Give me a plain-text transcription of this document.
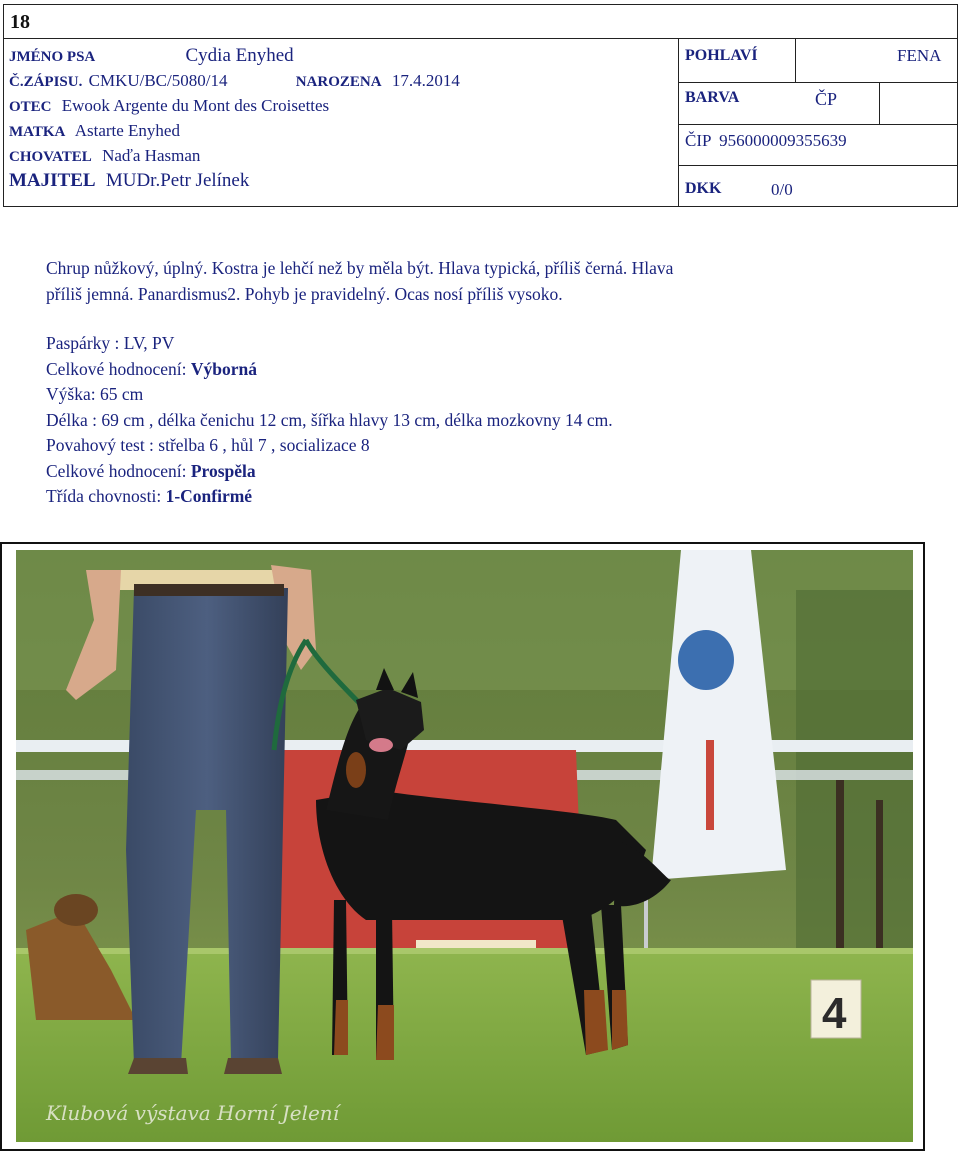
18
JMÉNO PSA	Cydia Enyhed
Č.ZÁPISU. CMKU/BC/5080/14	NAROZENA 17.4.2014
OTEC Ewook Argente du Mont des Croisettes
MATKA Astarte Enyhed
CHOVATEL Naďa Hasman
MAJITEL MUDr.Petr Jelínek
POHLAVÍ	FENA
BARVA	ČP
ČIP 956000009355639
DKK	0/0
Chrup nůžkový, úplný. Kostra je lehčí než by měla být. Hlava typická, příliš černá. Hlava
příliš jemná. Panardismus2. Pohyb je pravidelný. Ocas nosí příliš vysoko.
Paspárky : LV, PV
Celkové hodnocení: Výborná
Výška: 65 cm
Délka : 69 cm , délka čenichu 12 cm, šířka hlavy 13 cm, délka mozkovny 14 cm.
Povahový test : střelba 6 , hůl 7 , socializace 8
Celkové hodnocení: Prospěla
Třída chovnosti: 1-Confirmé
4
Klubová výstava Horní Jelení
